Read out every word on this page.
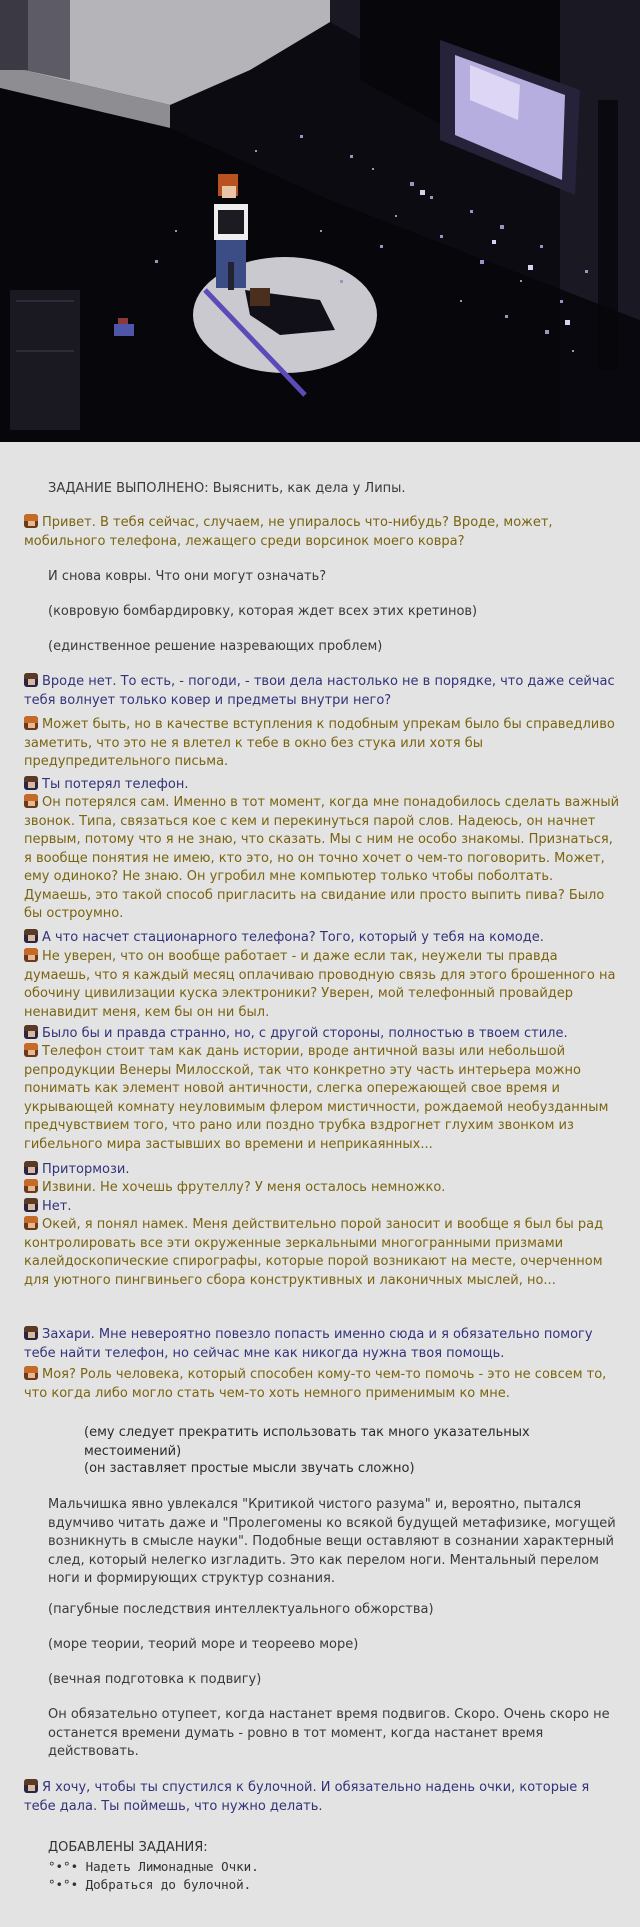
ЗАДАНИЕ ВЫПОЛНЕНО: Выяснить, как дела у Липы.
Привет. В тебя сейчас, случаем, не упиралось что-нибудь? Вроде, может, мобильного телефона, лежащего среди ворсинок моего ковра?
И снова ковры. Что они могут означать?
(ковровую бомбардировку, которая ждет всех этих кретинов)
(единственное решение назревающих проблем)
Вроде нет. То есть, - погоди, - твои дела настолько не в порядке, что даже сейчас тебя волнует только ковер и предметы внутри него?
Может быть, но в качестве вступления к подобным упрекам было бы справедливо заметить, что это не я влетел к тебе в окно без стука или хотя бы предупредительного письма.
Ты потерял телефон.
Он потерялся сам. Именно в тот момент, когда мне понадобилось сделать важный звонок. Типа, связаться кое с кем и перекинуться парой слов. Надеюсь, он начнет первым, потому что я не знаю, что сказать. Мы с ним не особо знакомы. Признаться, я вообще понятия не имею, кто это, но он точно хочет о чем-то поговорить. Может, ему одиноко? Не знаю. Он угробил мне компьютер только чтобы поболтать. Думаешь, это такой способ пригласить на свидание или просто выпить пива? Было бы остроумно.
А что насчет стационарного телефона? Того, который у тебя на комоде.
Не уверен, что он вообще работает - и даже если так, неужели ты правда думаешь, что я каждый месяц оплачиваю проводную связь для этого брошенного на обочину цивилизации куска электроники? Уверен, мой телефонный провайдер ненавидит меня, кем бы он ни был.
Было бы и правда странно, но, с другой стороны, полностью в твоем стиле.
Телефон стоит там как дань истории, вроде античной вазы или небольшой репродукции Венеры Милосской, так что конкретно эту часть интерьера можно понимать как элемент новой античности, слегка опережающей свое время и укрывающей комнату неуловимым флером мистичности, рождаемой необузданным предчувствием того, что рано или поздно трубка вздрогнет глухим звонком из гибельного мира застывших во времени и неприкаянных...
Притормози.
Извини. Не хочешь фрутеллу? У меня осталось немножко.
Нет.
Окей, я понял намек. Меня действительно порой заносит и вообще я был бы рад контролировать все эти окруженные зеркальными многогранными призмами калейдоскопические спирографы, которые порой возникают на месте, очерченном для уютного пингвиньего сбора конструктивных и лаконичных мыслей, но...
Захари. Мне невероятно повезло попасть именно сюда и я обязательно помогу тебе найти телефон, но сейчас мне как никогда нужна твоя помощь.
Моя? Роль человека, который способен кому-то чем-то помочь - это не совсем то, что когда либо могло стать чем-то хоть немного применимым ко мне.
(ему следует прекратить использовать так много указательных местоимений)
(он заставляет простые мысли звучать сложно)
Мальчишка явно увлекался "Критикой чистого разума" и, вероятно, пытался вдумчиво читать даже и "Пролегомены ко всякой будущей метафизике, могущей возникнуть в смысле науки". Подобные вещи оставляют в сознании характерный след, который нелегко изгладить. Это как перелом ноги. Ментальный перелом ноги и формирующих структур сознания.
(пагубные последствия интеллектуального обжорства)
(море теории, теорий море и теореево море)
(вечная подготовка к подвигу)
Он обязательно отупеет, когда настанет время подвигов. Скоро. Очень скоро не останется времени думать - ровно в тот момент, когда настанет время действовать.
Я хочу, чтобы ты спустился к булочной. И обязательно надень очки, которые я тебе дала. Ты поймешь, что нужно делать.
ДОБАВЛЕНЫ ЗАДАНИЯ:
°•°• Надеть Лимонадные Очки.
°•°• Добраться до булочной.
